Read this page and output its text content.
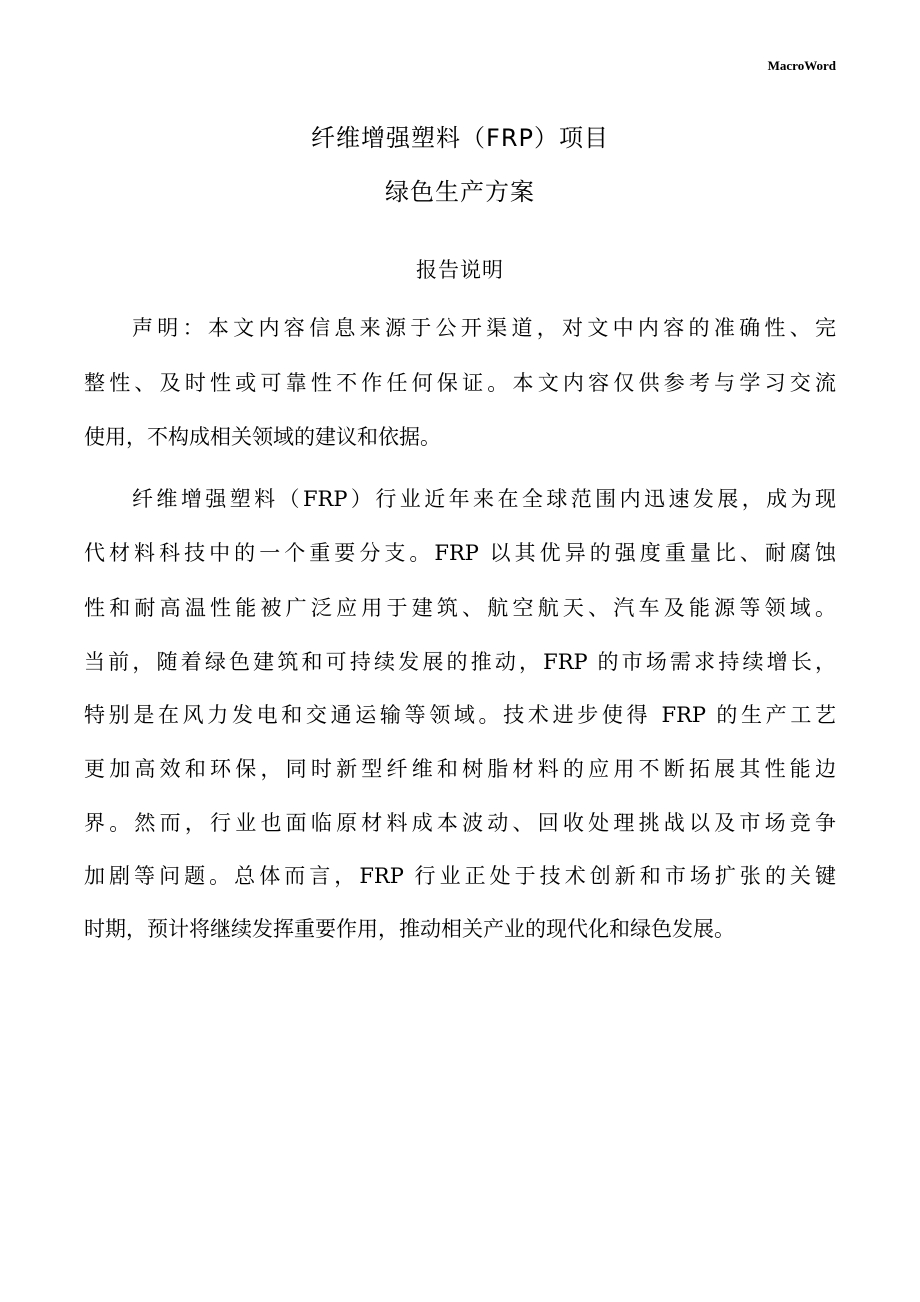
MacroWord
纤维增强塑料（FRP）项目
绿色生产方案
报告说明
声明：本文内容信息来源于公开渠道，对文中内容的准确性、完
整性、及时性或可靠性不作任何保证。本文内容仅供参考与学习交流
使用，不构成相关领域的建议和依据。
纤维增强塑料（FRP）行业近年来在全球范围内迅速发展，成为现
代材料科技中的一个重要分支。FRP 以其优异的强度重量比、耐腐蚀
性和耐高温性能被广泛应用于建筑、航空航天、汽车及能源等领域。
当前，随着绿色建筑和可持续发展的推动，FRP 的市场需求持续增长，
特别是在风力发电和交通运输等领域。技术进步使得 FRP 的生产工艺
更加高效和环保，同时新型纤维和树脂材料的应用不断拓展其性能边
界。然而，行业也面临原材料成本波动、回收处理挑战以及市场竞争
加剧等问题。总体而言，FRP 行业正处于技术创新和市场扩张的关键
时期，预计将继续发挥重要作用，推动相关产业的现代化和绿色发展。
